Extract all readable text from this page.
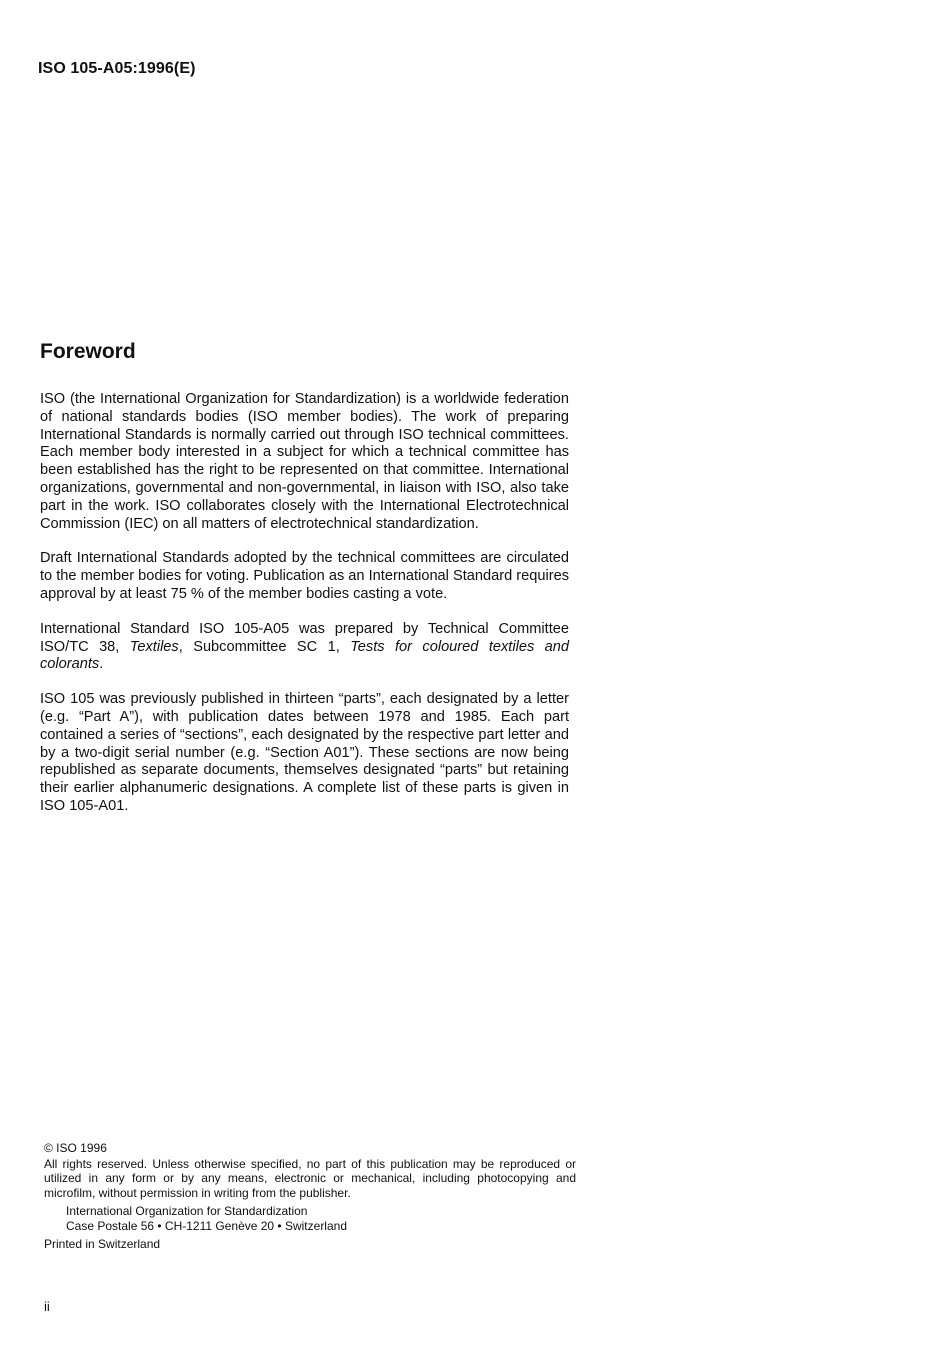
ISO 105-A05:1996(E)
Foreword

ISO (the International Organization for Standardization) is a worldwide federation of national standards bodies (ISO member bodies). The work of preparing International Standards is normally carried out through ISO technical committees. Each member body interested in a subject for which a technical committee has been established has the right to be represented on that committee. International organizations, governmental and non-governmental, in liaison with ISO, also take part in the work. ISO collaborates closely with the International Electrotechnical Commission (IEC) on all matters of electrotechnical standardization.

Draft International Standards adopted by the technical committees are circulated to the member bodies for voting. Publication as an International Standard requires approval by at least 75 % of the member bodies casting a vote.

International Standard ISO 105-A05 was prepared by Technical Committee ISO/TC 38, Textiles, Subcommittee SC 1, Tests for coloured textiles and colorants.

ISO 105 was previously published in thirteen “parts”, each designated by a letter (e.g. “Part A”), with publication dates between 1978 and 1985. Each part contained a series of “sections”, each designated by the respective part letter and by a two-digit serial number (e.g. “Section A01”). These sections are now being republished as separate documents, themselves designated “parts” but retaining their earlier alphanumeric designations. A complete list of these parts is given in ISO 105-A01.

© ISO 1996
All rights reserved. Unless otherwise specified, no part of this publication may be reproduced or utilized in any form or by any means, electronic or mechanical, including photocopying and microfilm, without permission in writing from the publisher.
International Organization for Standardization
Case Postale 56 • CH-1211 Genève 20 • Switzerland
Printed in Switzerland
ii
